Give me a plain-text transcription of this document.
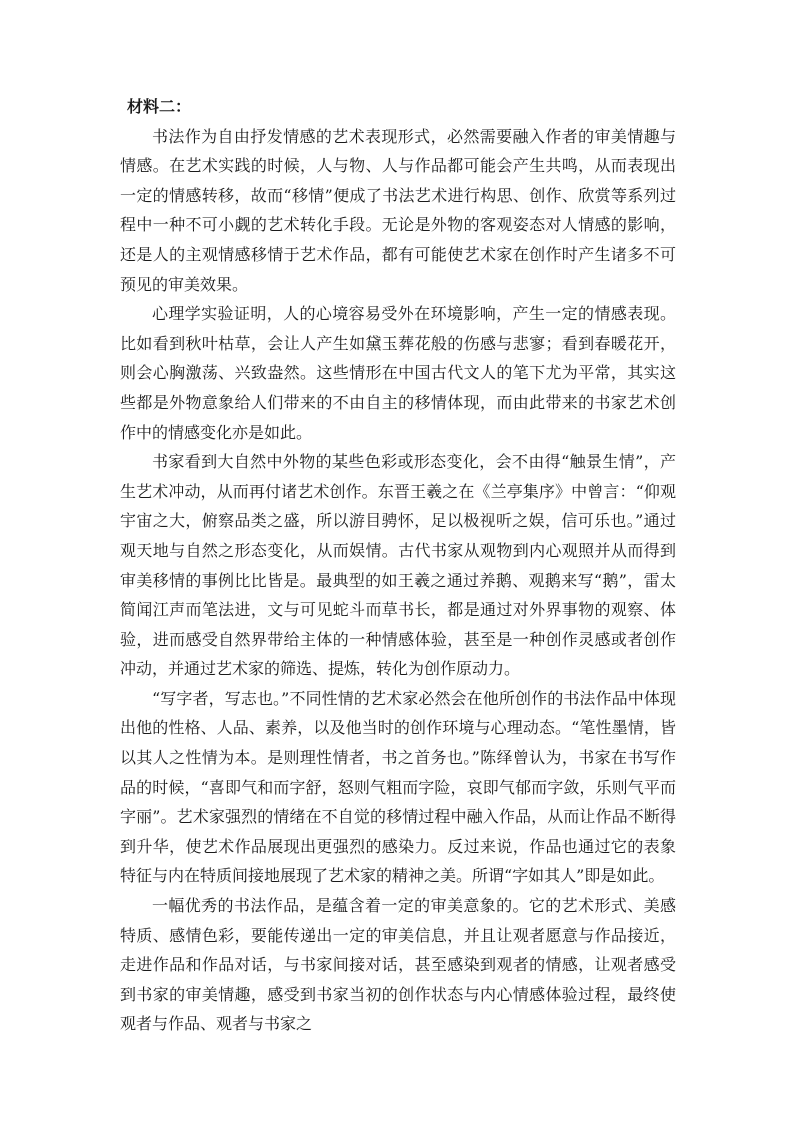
材料二：

书法作为自由抒发情感的艺术表现形式，必然需要融入作者的审美情趣与情感。在艺术实践的时候，人与物、人与作品都可能会产生共鸣，从而表现出一定的情感转移，故而“移情”便成了书法艺术进行构思、创作、欣赏等系列过程中一种不可小觑的艺术转化手段。无论是外物的客观姿态对人情感的影响，还是人的主观情感移情于艺术作品，都有可能使艺术家在创作时产生诸多不可预见的审美效果。

心理学实验证明，人的心境容易受外在环境影响，产生一定的情感表现。比如看到秋叶枯草，会让人产生如黛玉葬花般的伤感与悲寥；看到春暖花开，则会心胸激荡、兴致盎然。这些情形在中国古代文人的笔下尤为平常，其实这些都是外物意象给人们带来的不由自主的移情体现，而由此带来的书家艺术创作中的情感变化亦是如此。

书家看到大自然中外物的某些色彩或形态变化，会不由得“触景生情”，产生艺术冲动，从而再付诸艺术创作。东晋王羲之在《兰亭集序》中曾言：“仰观宇宙之大，俯察品类之盛，所以游目骋怀，足以极视听之娱，信可乐也。”通过观天地与自然之形态变化，从而娱情。古代书家从观物到内心观照并从而得到审美移情的事例比比皆是。最典型的如王羲之通过养鹅、观鹅来写“鹅”，雷太简闻江声而笔法进，文与可见蛇斗而草书长，都是通过对外界事物的观察、体验，进而感受自然界带给主体的一种情感体验，甚至是一种创作灵感或者创作冲动，并通过艺术家的筛选、提炼，转化为创作原动力。

“写字者，写志也。”不同性情的艺术家必然会在他所创作的书法作品中体现出他的性格、人品、素养，以及他当时的创作环境与心理动态。“笔性墨情，皆以其人之性情为本。是则理性情者，书之首务也。”陈绎曾认为，书家在书写作品的时候，“喜即气和而字舒，怒则气粗而字险，哀即气郁而字敛，乐则气平而字丽”。艺术家强烈的情绪在不自觉的移情过程中融入作品，从而让作品不断得到升华，使艺术作品展现出更强烈的感染力。反过来说，作品也通过它的表象特征与内在特质间接地展现了艺术家的精神之美。所谓“字如其人”即是如此。

一幅优秀的书法作品，是蕴含着一定的审美意象的。它的艺术形式、美感特质、感情色彩，要能传递出一定的审美信息，并且让观者愿意与作品接近，走进作品和作品对话，与书家间接对话，甚至感染到观者的情感，让观者感受到书家的审美情趣，感受到书家当初的创作状态与内心情感体验过程，最终使观者与作品、观者与书家之
